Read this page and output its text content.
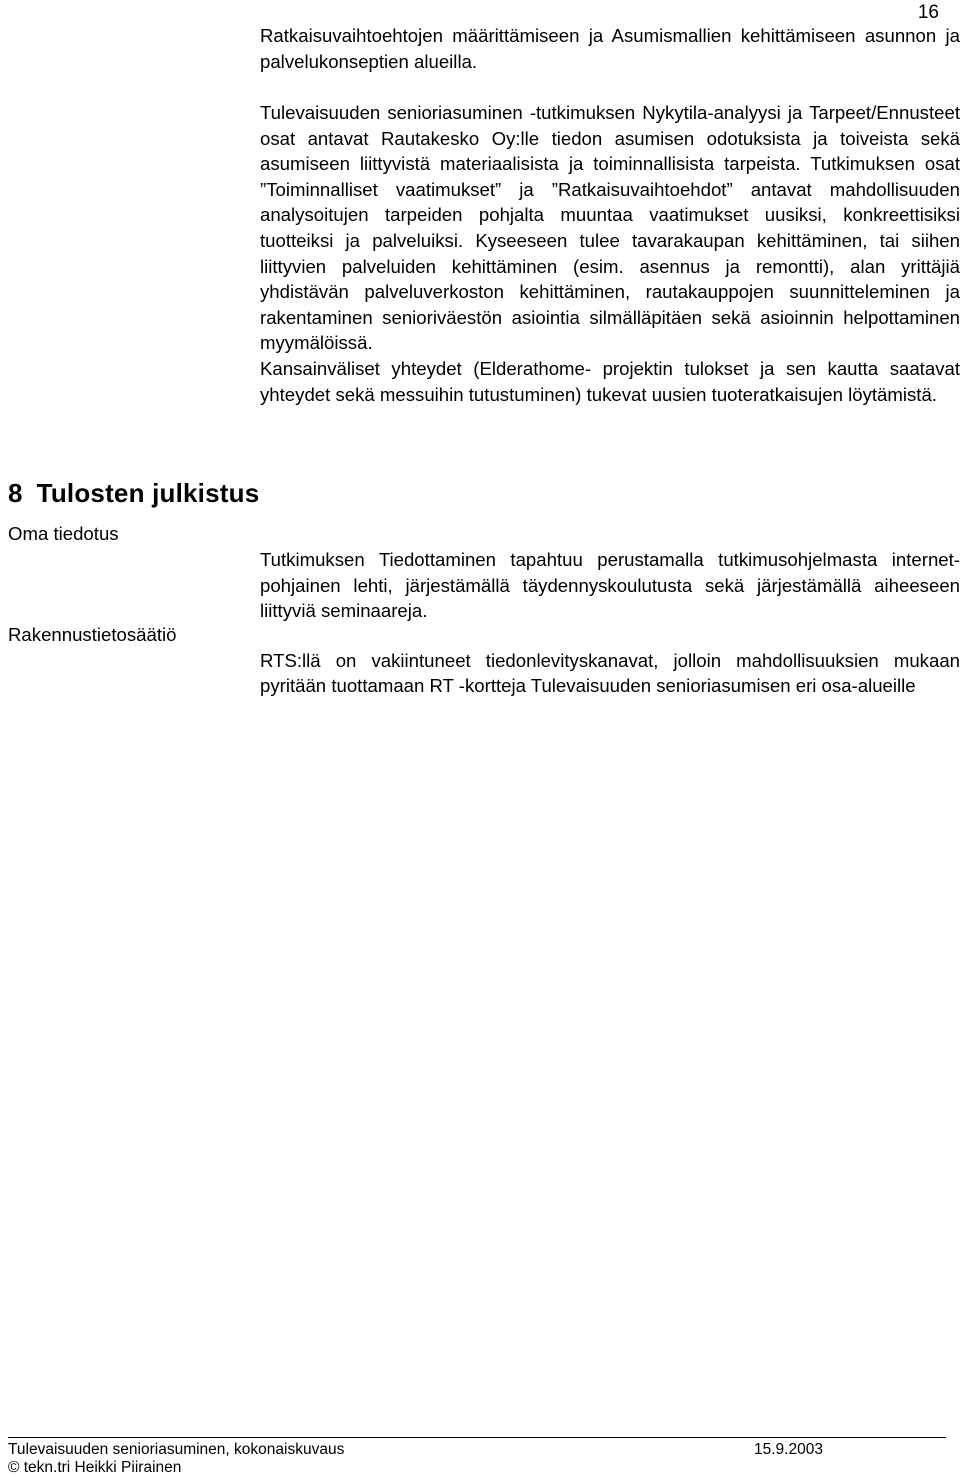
16

Ratkaisuvaihtoehtojen määrittämiseen ja Asumismallien kehittämiseen asunnon ja palvelukonseptien alueilla.

Tulevaisuuden senioriasuminen -tutkimuksen Nykytila-analyysi ja Tarpeet/Ennusteet osat antavat Rautakesko Oy:lle tiedon asumisen odotuksista ja toiveista sekä asumiseen liittyvistä materiaalisista ja toiminnallisista tarpeista. Tutkimuksen osat ”Toiminnalliset vaatimukset” ja ”Ratkaisuvaihtoehdot” antavat mahdollisuuden analysoitujen tarpeiden pohjalta muuntaa vaatimukset uusiksi, konkreettisiksi tuotteiksi ja palveluiksi. Kyseeseen tulee tavarakaupan kehittäminen, tai siihen liittyvien palveluiden kehittäminen (esim. asennus ja remontti), alan yrittäjiä yhdistävän palveluverkoston kehittäminen, rautakauppojen suunnitteleminen ja rakentaminen senioriväestön asiointia silmälläpitäen sekä asioinnin helpottaminen myymälöissä.

Kansainväliset yhteydet (Elderathome- projektin tulokset ja sen kautta saatavat yhteydet sekä messuihin tutustuminen) tukevat uusien tuoteratkaisujen löytämistä.

8 Tulosten julkistus
Oma tiedotus
Rakennustietosäätiö

Tutkimuksen Tiedottaminen tapahtuu perustamalla tutkimusohjelmasta internet-pohjainen lehti, järjestämällä täydennyskoulutusta sekä järjestämällä aiheeseen liittyviä seminaareja.

RTS:llä on vakiintuneet tiedonlevityskanavat, jolloin mahdollisuuksien mukaan pyritään tuottamaan RT -kortteja Tulevaisuuden senioriasumisen eri osa-alueille

Tulevaisuuden senioriasuminen, kokonaiskuvaus	15.9.2003
© tekn.tri Heikki Piirainen
